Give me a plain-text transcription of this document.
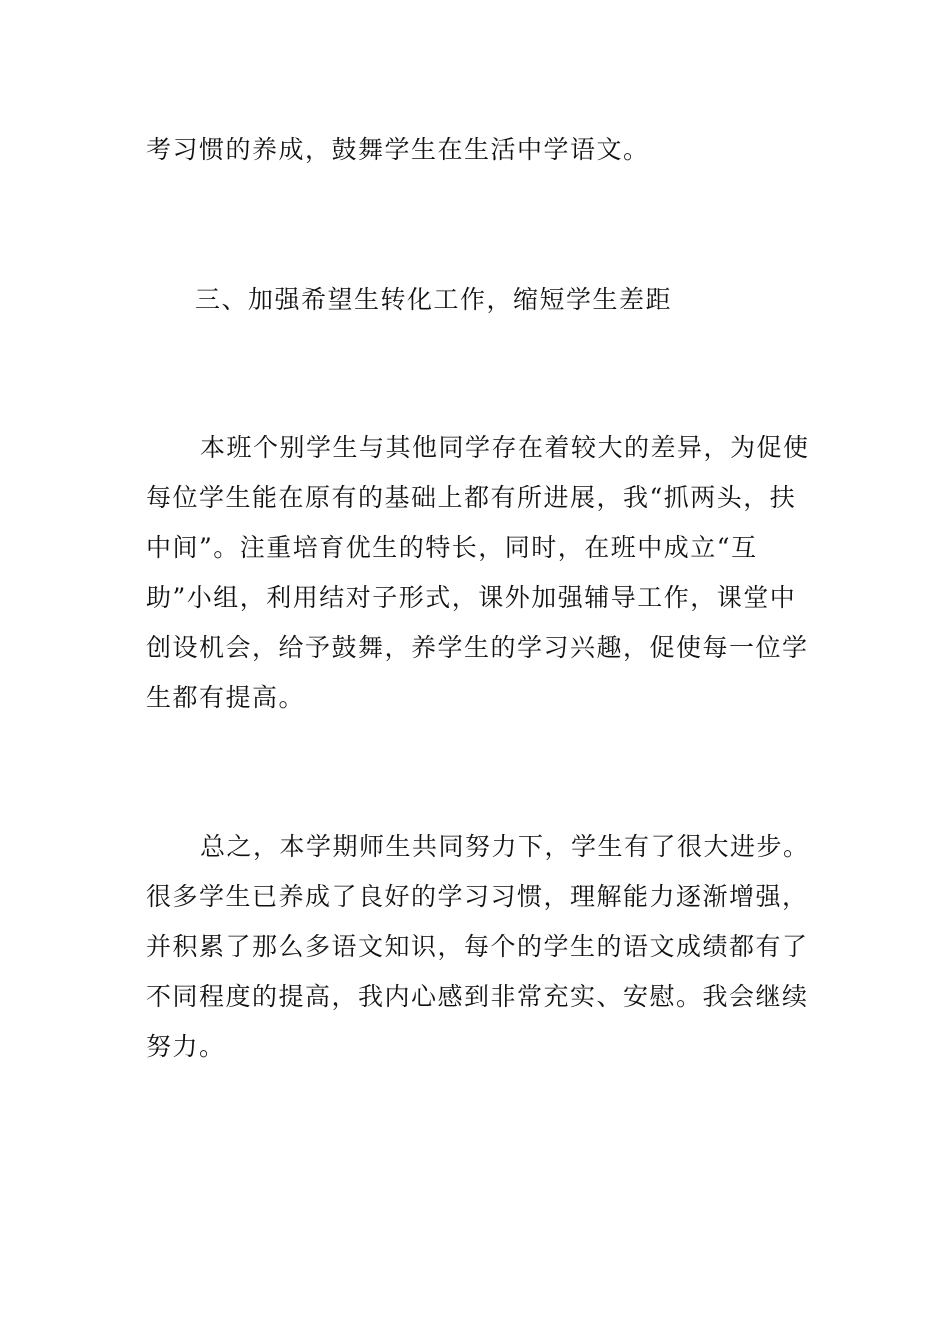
考习惯的养成，鼓舞学生在生活中学语文。

三、加强希望生转化工作，缩短学生差距

本班个别学生与其他同学存在着较大的差异，为促使
每位学生能在原有的基础上都有所进展，我“抓两头，扶
中间”。注重培育优生的特长，同时，在班中成立“互
助”小组，利用结对子形式，课外加强辅导工作，课堂中
创设机会，给予鼓舞，养学生的学习兴趣，促使每一位学
生都有提高。

总之，本学期师生共同努力下，学生有了很大进步。
很多学生已养成了良好的学习习惯，理解能力逐渐增强，
并积累了那么多语文知识，每个的学生的语文成绩都有了
不同程度的提高，我内心感到非常充实、安慰。我会继续
努力。
